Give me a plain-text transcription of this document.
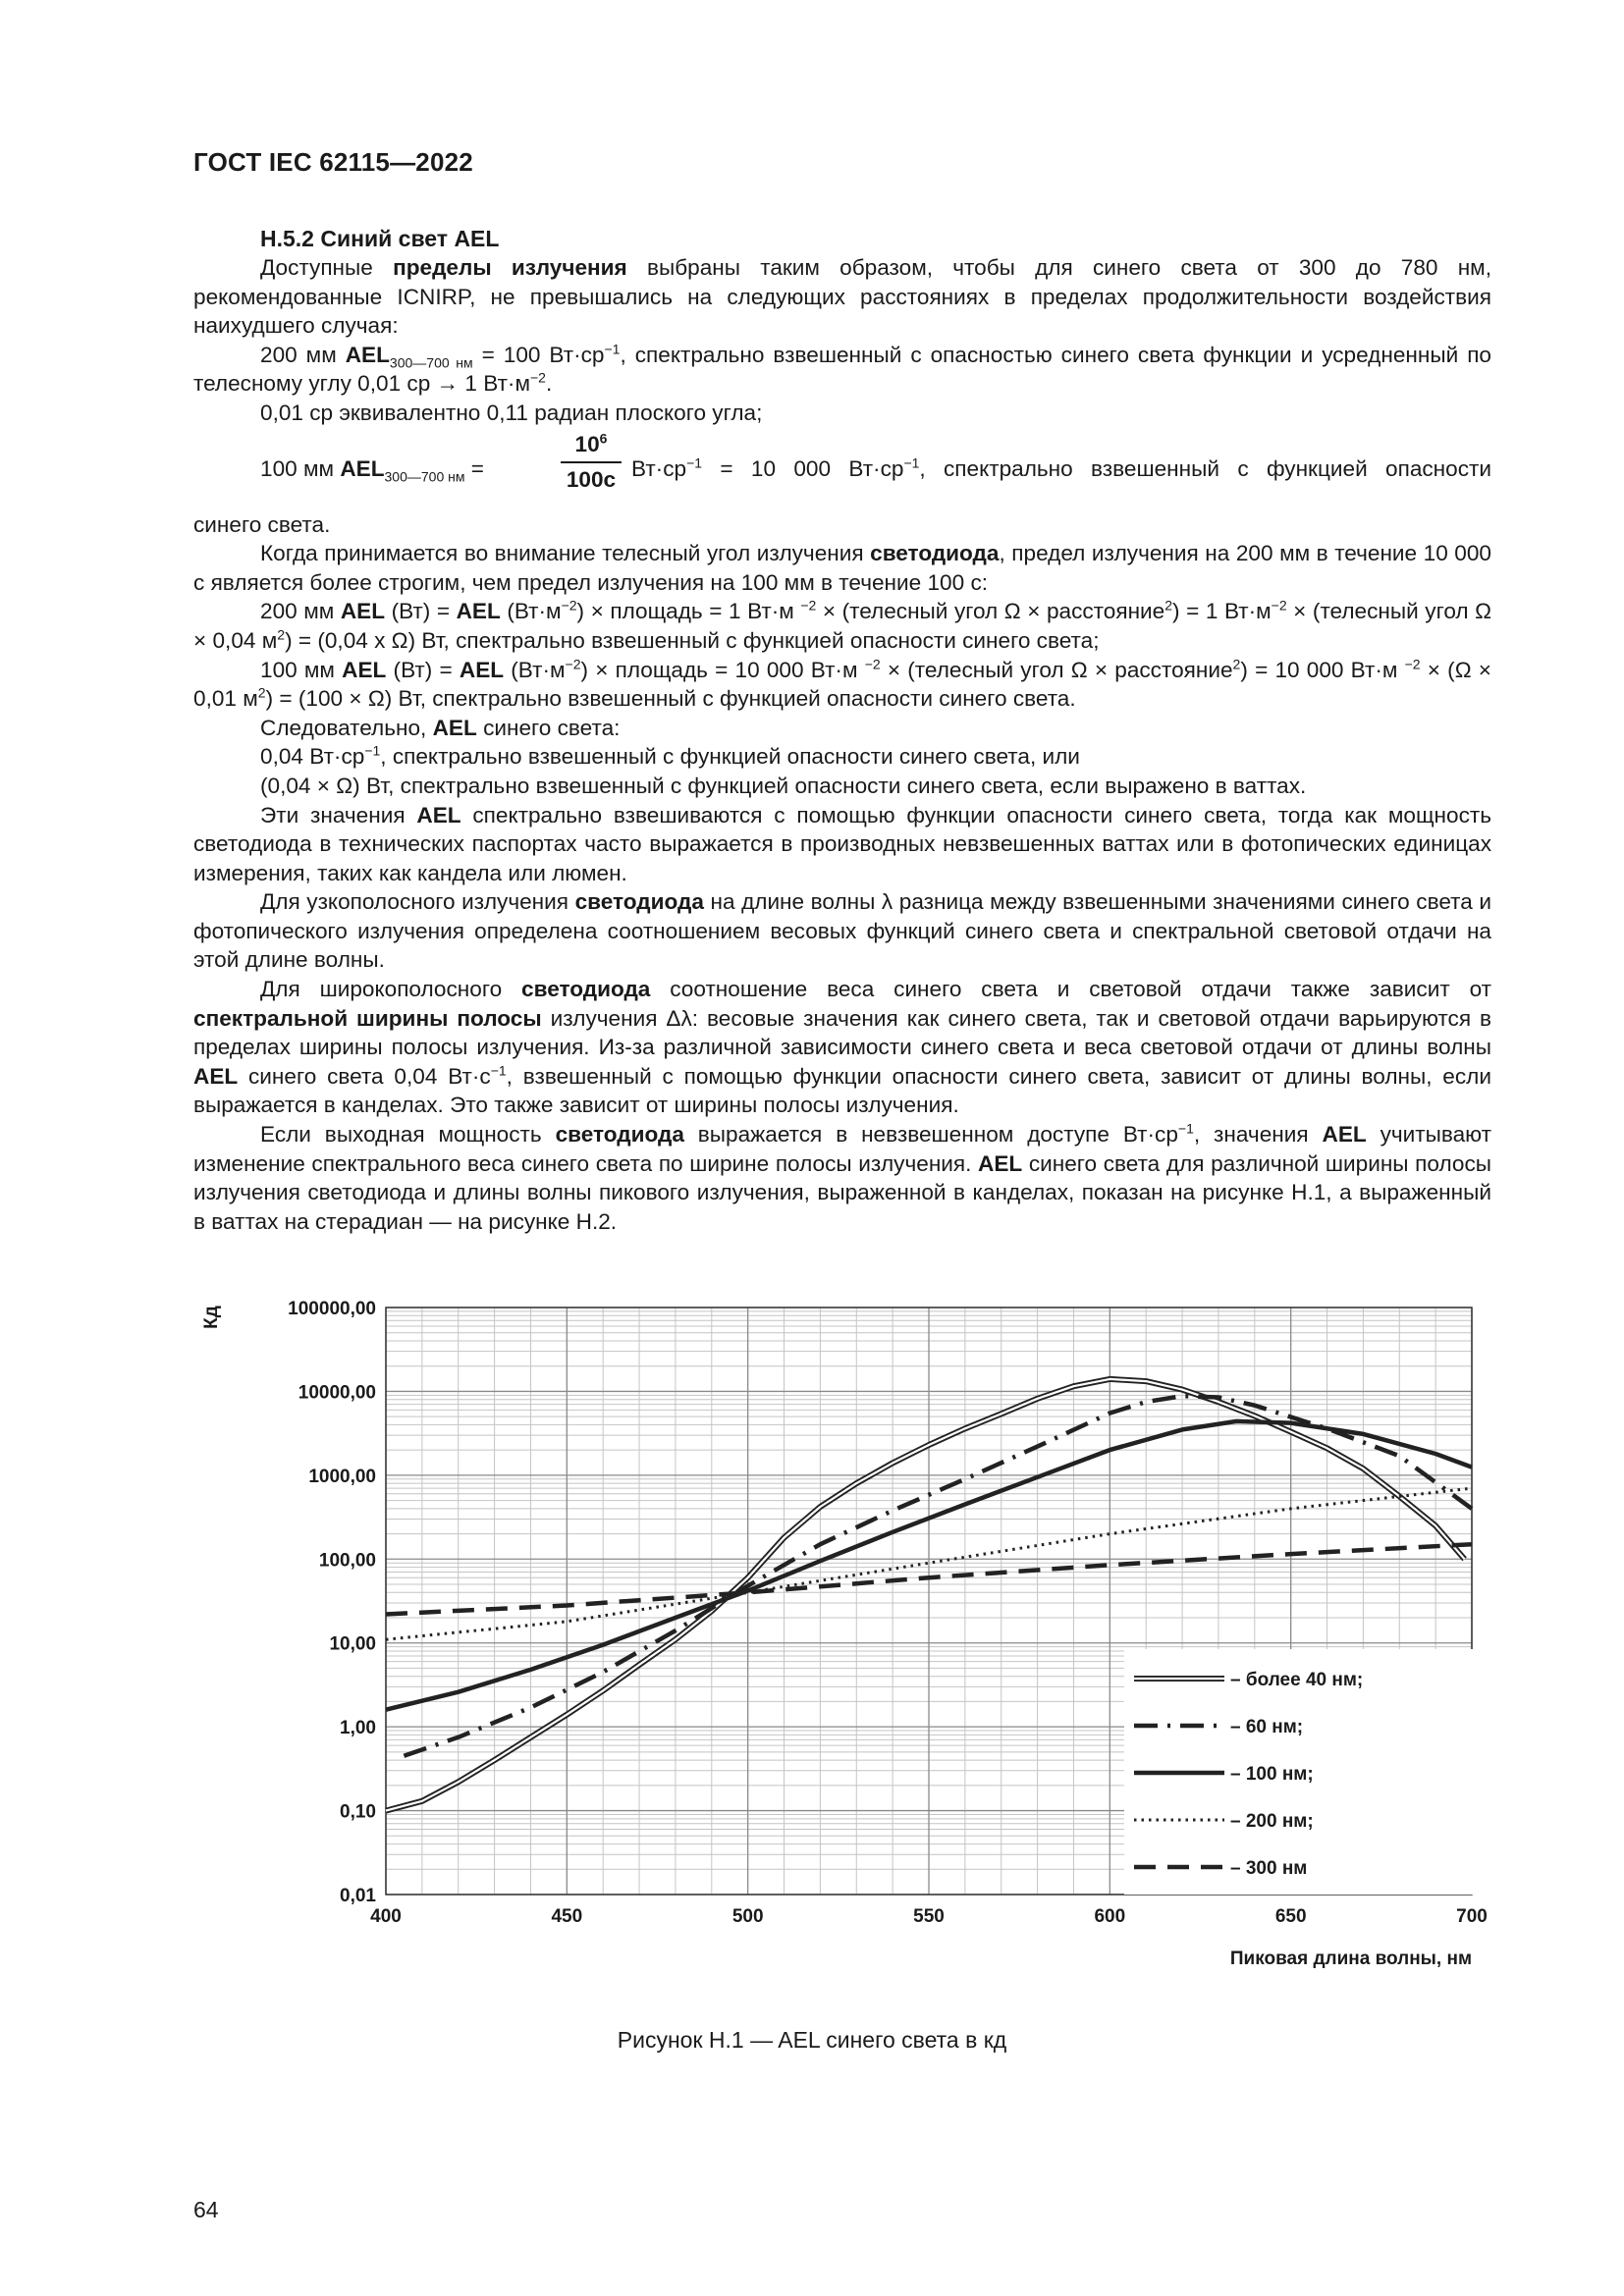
ГОСТ IEC 62115—2022
H.5.2 Синий свет AEL

Доступные пределы излучения выбраны таким образом, чтобы для синего света от 300 до 780 нм, рекомендованные ICNIRP, не превышались на следующих расстояниях в пределах продолжительности воздействия наихудшего случая:

200 мм $AEL_{300—700 нм} = 100$ $Вт\cdot ср^{-1}$, спектрально взвешенный с опасностью синего света функции и усредненный по телесному углу 0,01 ср → 1 $Вт\cdot м^{-2}$.

0,01 ср эквивалентно 0,11 радиан плоского угла;

100 мм $AEL_{300—700 нм}$ =
$10^6$
100c $Вт\cdot ср^{-1} = 10$ 000 $Вт\cdot ср^{-1}$, спектрально взвешенный с функцией опасности

синего света.

Когда принимается во внимание телесный угол излучения светодиода, предел излучения на 200 мм в течение 10 000 с является более строгим, чем предел излучения на 100 мм в течение 100 с:

200 мм AEL (Вт) = AEL $(Вт\cdot м^{-2})$ × площадь = 1 Вт·м $^{-2}$ × (телесный угол Ω × расстояние$^2$) = 1 $Вт\cdot м^{-2}$ × (телесный угол Ω × 0,04 $м^2) = (0,04$ х Ω) Вт, спектрально взвешенный с функцией опасности синего света;

100 мм AEL (Вт) = AEL $(Вт\cdot м^{-2})$ × площадь = 10 000 Вт·м $^{-2}$ × (телесный угол Ω × расстояние$^2$) = 10 000 Вт·м $^{-2}$ × (Ω × 0,01 $м^2) = (100 \times \Omega)$ Вт, спектрально взвешенный с функцией опасности синего света.

Следовательно, AEL синего света:

0,04 $Вт\cdot ср^{-1}$, спектрально взвешенный с функцией опасности синего света, или

(0,04 × Ω) Вт, спектрально взвешенный с функцией опасности синего света, если выражено в ваттах.

Эти значения AEL спектрально взвешиваются с помощью функции опасности синего света, тогда как мощность светодиода в технических паспортах часто выражается в производных невзвешенных ваттах или в фотопических единицах измерения, таких как кандела или люмен.

Для узкополосного излучения светодиода на длине волны λ разница между взвешенными значениями синего света и фотопического излучения определена соотношением весовых функций синего света и спектральной световой отдачи на этой длине волны.

Для широкополосного светодиода соотношение веса синего света и световой отдачи также зависит от спектральной ширины полосы излучения Δλ: весовые значения как синего света, так и световой отдачи варьируются в пределах ширины полосы излучения. Из-за различной зависимости синего света и веса световой отдачи от длины волны AEL синего света 0,04 $Вт\cdot с^{-1}$, взвешенный с помощью функции опасности синего света, зависит от длины волны, если выражается в канделах. Это также зависит от ширины полосы излучения.

Если выходная мощность светодиода выражается в невзвешенном доступе $Вт\cdot ср^{-1}$, значения AEL учитывают изменение спектрального веса синего света по ширине полосы излучения. AEL синего света для различной ширины полосы излучения светодиода и длины волны пикового излучения, выраженной в канделах, показан на рисунке H.1, а выраженный в ваттах на стерадиан — на рисунке H.2.

400	450	500	550	600	650	700
0,01
0,10
1,00
10,00
100,00
1000,00
10000,00
100000,00
Кд
Пиковая длина волны, нм
– более 40 нм;
– 60 нм;
– 100 нм;
– 200 нм;
– 300 нм
Рисунок H.1 — AEL синего света в кд
64
